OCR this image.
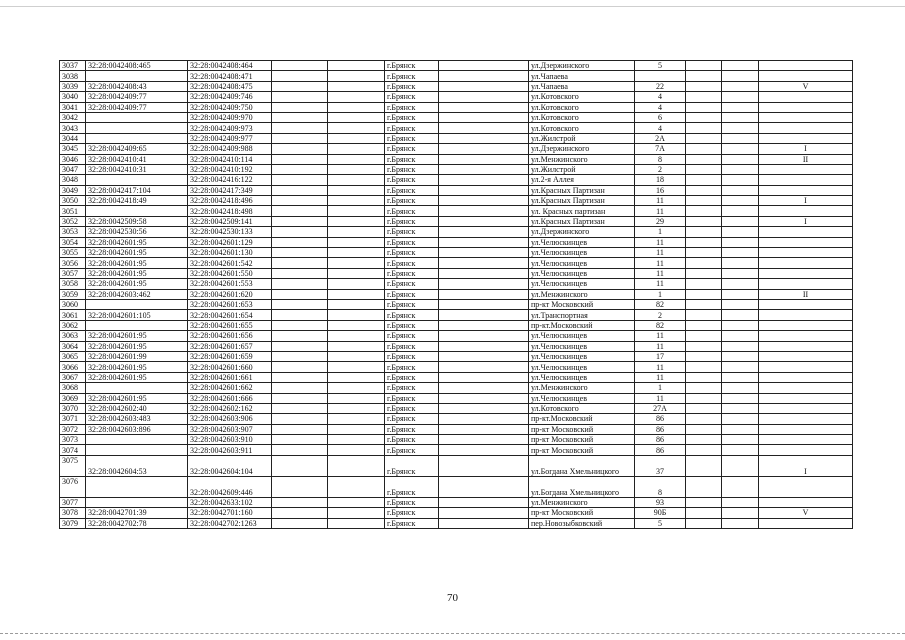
3037	32:28:0042408:465	32:28:0042408:464			г.Брянск		ул.Дзержинского	5			
3038		32:28:0042408:471			г.Брянск		ул.Чапаева				
3039	32:28:0042408:43	32:28:0042408:475			г.Брянск		ул.Чапаева	22			V
3040	32:28:0042409:77	32:28:0042409:746			г.Брянск		ул.Котовского	4			
3041	32:28:0042409:77	32:28:0042409:750			г.Брянск		ул.Котовского	4			
3042		32:28:0042409:970			г.Брянск		ул.Котовского	6			
3043		32:28:0042409:973			г.Брянск		ул.Котовского	4			
3044		32:28:0042409:977			г.Брянск		ул.Жилстрой	2А			
3045	32:28:0042409:65	32:28:0042409:988			г.Брянск		ул.Дзержинского	7А			I
3046	32:28:0042410:41	32:28:0042410:114			г.Брянск		ул.Менжинского	8			II
3047	32:28:0042410:31	32:28:0042410:192			г.Брянск		ул.Жилстрой	2			
3048		32:28:0042416:122			г.Брянск		ул.2-я Аллея	18			
3049	32:28:0042417:104	32:28:0042417:349			г.Брянск		ул.Красных Партизан	16			
3050	32:28:0042418:49	32:28:0042418:496			г.Брянск		ул.Красных Партизан	11			I
3051		32:28:0042418:498			г.Брянск		ул. Красных партизан	11			
3052	32:28:0042509:58	32:28:0042509:141			г.Брянск		ул.Красных Партизан	29			I
3053	32:28:0042530:56	32:28:0042530:133			г.Брянск		ул.Дзержинского	1			
3054	32:28:0042601:95	32:28:0042601:129			г.Брянск		ул.Челюскинцев	11			
3055	32:28:0042601:95	32:28:0042601:130			г.Брянск		ул.Челюскинцев	11			
3056	32:28:0042601:95	32:28:0042601:542			г.Брянск		ул.Челюскинцев	11			
3057	32:28:0042601:95	32:28:0042601:550			г.Брянск		ул.Челюскинцев	11			
3058	32:28:0042601:95	32:28:0042601:553			г.Брянск		ул.Челюскинцев	11			
3059	32:28:0042603:462	32:28:0042601:620			г.Брянск		ул.Менжинского	1			II
3060		32:28:0042601:653			г.Брянск		пр-кт Московский	82			
3061	32:28:0042601:105	32:28:0042601:654			г.Брянск		ул.Транспортная	2			
3062		32:28:0042601:655			г.Брянск		пр-кт.Московский	82			
3063	32:28:0042601:95	32:28:0042601:656			г.Брянск		ул.Челюскинцев	11			
3064	32:28:0042601:95	32:28:0042601:657			г.Брянск		ул.Челюскинцев	11			
3065	32:28:0042601:99	32:28:0042601:659			г.Брянск		ул.Челюскинцев	17			
3066	32:28:0042601:95	32:28:0042601:660			г.Брянск		ул.Челюскинцев	11			
3067	32:28:0042601:95	32:28:0042601:661			г.Брянск		ул.Челюскинцев	11			
3068		32:28:0042601:662			г.Брянск		ул.Менжинского	1			
3069	32:28:0042601:95	32:28:0042601:666			г.Брянск		ул.Челюскинцев	11			
3070	32:28:0042602:40	32:28:0042602:162			г.Брянск		ул.Котовского	27А			
3071	32:28:0042603:483	32:28:0042603:906			г.Брянск		пр-кт.Московский	86			
3072	32:28:0042603:896	32:28:0042603:907			г.Брянск		пр-кт Московский	86			
3073		32:28:0042603:910			г.Брянск		пр-кт Московский	86			
3074		32:28:0042603:911			г.Брянск		пр-кт Московский	86			
3075	32:28:0042604:53	32:28:0042604:104			г.Брянск		ул.Богдана Хмельницкого	37			I
3076		32:28:0042609:446			г.Брянск		ул.Богдана Хмельницкого	8			
3077		32:28:0042633:102			г.Брянск		ул.Менжинского	93			
3078	32:28:0042701:39	32:28:0042701:160			г.Брянск		пр-кт Московский	90Б			V
3079	32:28:0042702:78	32:28:0042702:1263			г.Брянск		пер.Новозыбковский	5			
70
